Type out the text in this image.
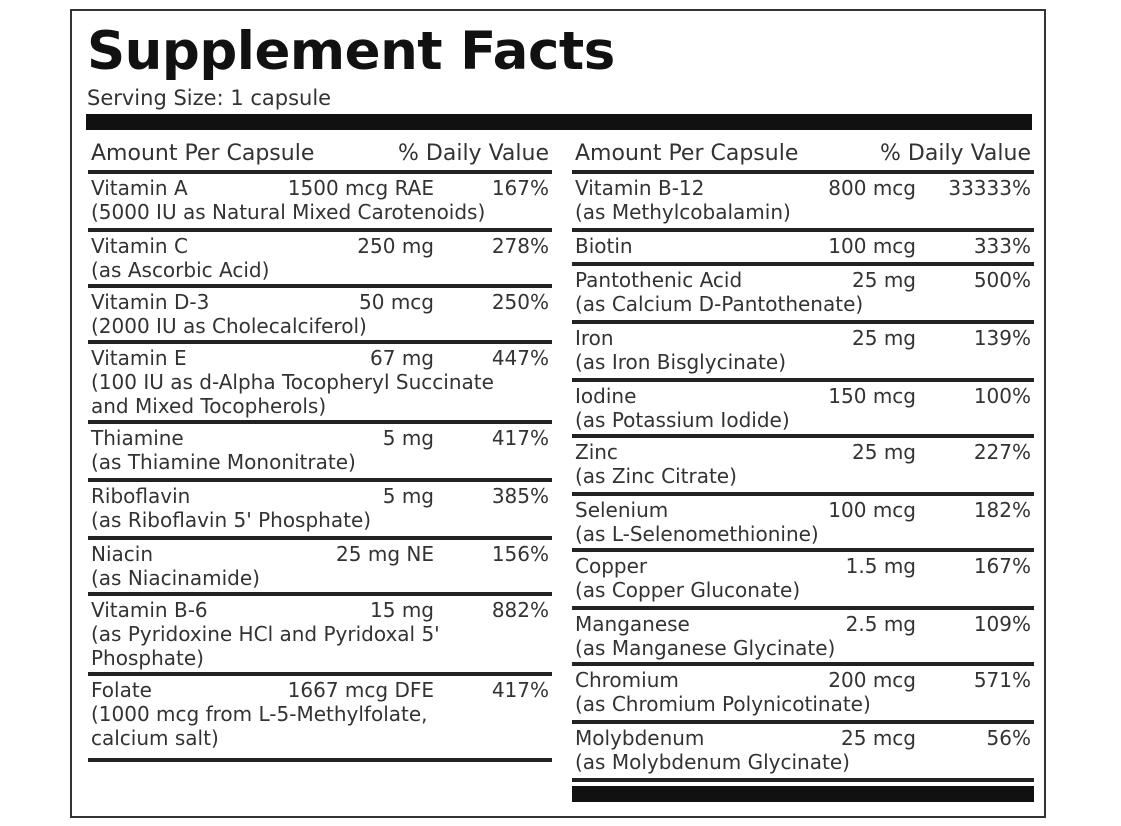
Supplement Facts
Serving Size: 1 capsule
Amount Per Capsule	% Daily Value
Vitamin A	1500 mcg RAE	167%
(5000 IU as Natural Mixed Carotenoids)
Vitamin C	250 mg	278%
(as Ascorbic Acid)
Vitamin D-3	50 mcg	250%
(2000 IU as Cholecalciferol)
Vitamin E	67 mg	447%
(100 IU as d-Alpha Tocopheryl Succinate
and Mixed Tocopherols)
Thiamine	5 mg	417%
(as Thiamine Mononitrate)
Riboflavin	5 mg	385%
(as Riboflavin 5' Phosphate)
Niacin	25 mg NE	156%
(as Niacinamide)
Vitamin B-6	15 mg	882%
(as Pyridoxine HCl and Pyridoxal 5'
Phosphate)
Folate	1667 mcg DFE	417%
(1000 mcg from L-5-Methylfolate,
calcium salt)
Amount Per Capsule	% Daily Value
Vitamin B-12	800 mcg 33333%
(as Methylcobalamin)
Biotin	100 mcg	333%
Pantothenic Acid	25 mg	500%
(as Calcium D-Pantothenate)
Iron	25 mg	139%
(as Iron Bisglycinate)
Iodine	150 mcg	100%
(as Potassium Iodide)
Zinc	25 mg	227%
(as Zinc Citrate)
Selenium	100 mcg	182%
(as L-Selenomethionine)
Copper	1.5 mg	167%
(as Copper Gluconate)
Manganese	2.5 mg	109%
(as Manganese Glycinate)
Chromium	200 mcg	571%
(as Chromium Polynicotinate)
Molybdenum	25 mcg	56%
(as Molybdenum Glycinate)
